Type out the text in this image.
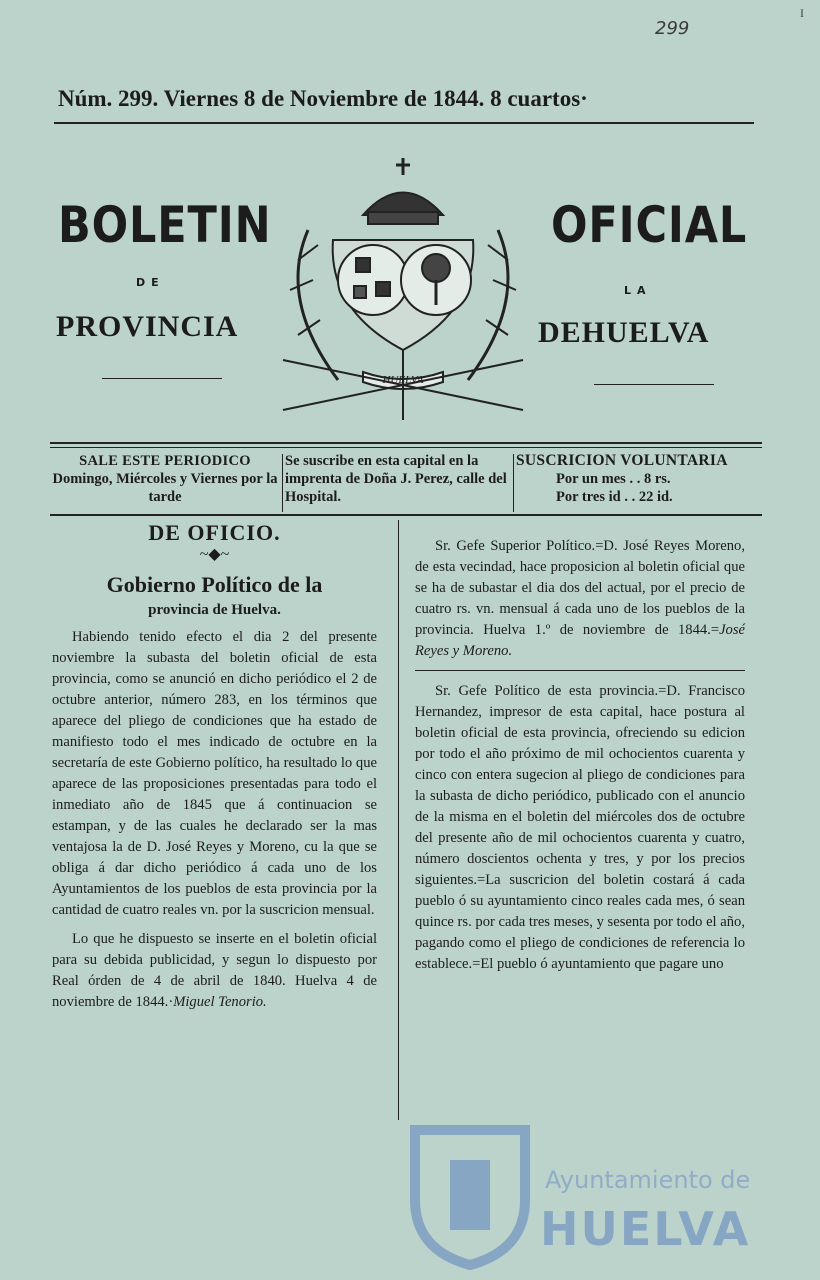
299
I
Núm. 299. Viernes 8 de Noviembre de 1844. 8 cuartos·
BOLETIN	OFICIAL
DE
LA
PROVINCIA	DEHUELVA
HUELVA
SALE ESTE PERIODICO
Domingo, Miércoles y Viernes por la tarde
Se suscribe en esta capital en la imprenta de Doña J. Perez, calle del Hospital.
SUSCRICION VOLUNTARIA
Por un mes . . 8 rs.
Por tres id . . 22 id.
DE OFICIO.
~◆~
Gobierno Político de la
provincia de Huelva.

Habiendo tenido efecto el dia 2 del presente noviembre la subasta del boletin oficial de esta provincia, como se anunció en dicho periódico el 2 de octubre anterior, número 283, en los términos que aparece del pliego de condiciones que ha estado de manifiesto todo el mes indicado de octubre en la secretaría de este Gobierno político, ha resultado lo que aparece de las proposiciones presentadas para todo el inmediato año de 1845 que á continuacion se estampan, y de las cuales he declarado ser la mas ventajosa la de D. José Reyes y Moreno, cu la que se obliga á dar dicho periódico á cada uno de los Ayuntamientos de los pueblos de esta provincia por la cantidad de cuatro reales vn. por la suscricion mensual.

Lo que he dispuesto se inserte en el boletin oficial para su debida publicidad, y segun lo dispuesto por Real órden de 4 de abril de 1840. Huelva 4 de noviembre de 1844.·Miguel Tenorio.

Sr. Gefe Superior Político.=D. José Reyes Moreno, de esta vecindad, hace proposicion al boletin oficial que se ha de subastar el dia dos del actual, por el precio de cuatro rs. vn. mensual á cada uno de los pueblos de la provincia. Huelva 1.º de noviembre de 1844.=José Reyes y Moreno.

Sr. Gefe Político de esta provincia.=D. Francisco Hernandez, impresor de esta capital, hace postura al boletin oficial de esta provincia, ofreciendo su edicion por todo el año próximo de mil ochocientos cuarenta y cinco con entera sugecion al pliego de condiciones para la subasta de dicho periódico, publicado con el anuncio de la misma en el boletin del miércoles dos de octubre del presente año de mil ochocientos cuarenta y cuatro, número doscientos ochenta y tres, y por los precios siguientes.=La suscricion del boletin costará á cada pueblo ó su ayuntamiento cinco reales cada mes, ó sean quince rs. por cada tres meses, y sesenta por todo el año, pagando como el pliego de condiciones de referencia lo establece.=El pueblo ó ayuntamiento que pagare uno

Ayuntamiento de
HUELVA
